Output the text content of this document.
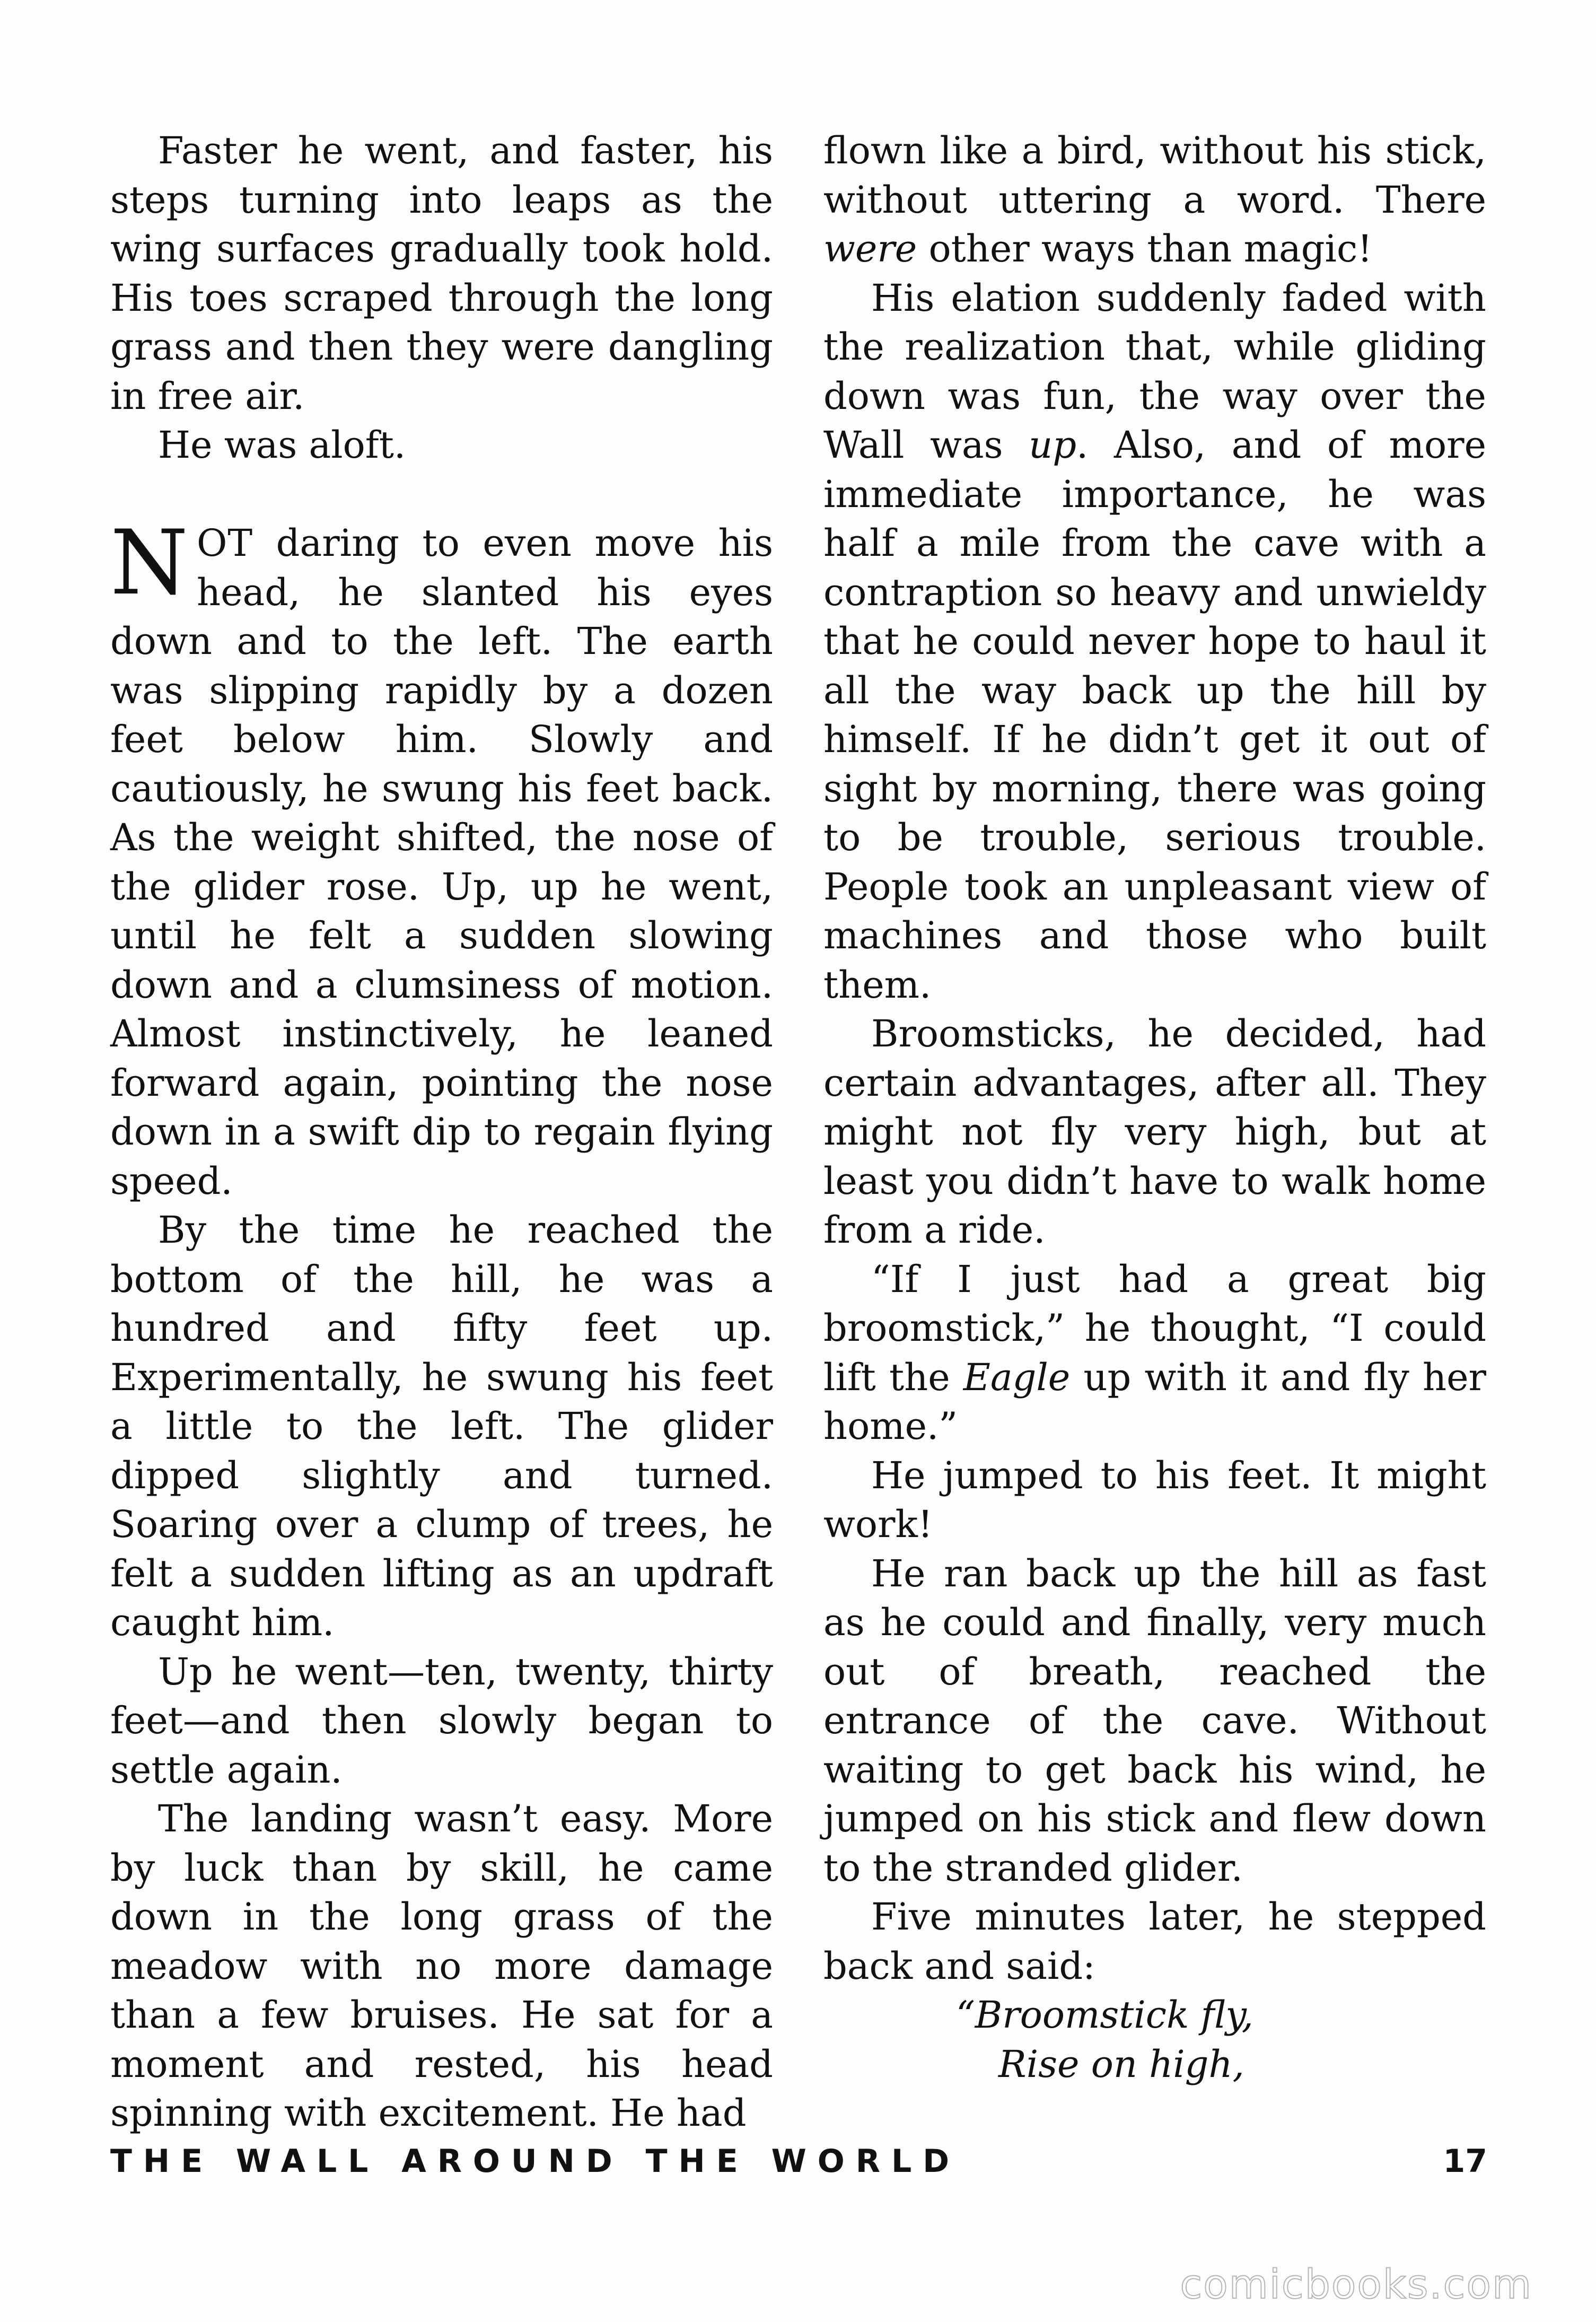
Faster he went, and faster, his steps turning into leaps as the wing surfaces gradually took hold. His toes scraped through the long grass and then they were dangling in free air.

He was aloft.

NOT daring to even move his head, he slanted his eyes down and to the left. The earth was slipping rapidly by a dozen feet below him. Slowly and cautiously, he swung his feet back. As the weight shifted, the nose of the glider rose. Up, up he went, until he felt a sudden slowing down and a clumsiness of motion. Almost instinctively, he leaned forward again, pointing the nose down in a swift dip to regain flying speed.

By the time he reached the bottom of the hill, he was a hundred and fifty feet up. Experimentally, he swung his feet a little to the left. The glider dipped slightly and turned. Soaring over a clump of trees, he felt a sudden lifting as an updraft caught him.

Up he went—ten, twenty, thirty feet—and then slowly began to settle again.

The landing wasn’t easy. More by luck than by skill, he came down in the long grass of the meadow with no more damage than a few bruises. He sat for a moment and rested, his head spinning with excitement. He had

flown like a bird, without his stick, without uttering a word. There were other ways than magic!

His elation suddenly faded with the realization that, while gliding down was fun, the way over the Wall was up. Also, and of more immediate importance, he was half a mile from the cave with a contraption so heavy and unwieldy that he could never hope to haul it all the way back up the hill by himself. If he didn’t get it out of sight by morning, there was going to be trouble, serious trouble. People took an unpleasant view of machines and those who built them.

Broomsticks, he decided, had certain advantages, after all. They might not fly very high, but at least you didn’t have to walk home from a ride.

“If I just had a great big broomstick,” he thought, “I could lift the Eagle up with it and fly her home.”

He jumped to his feet. It might work!

He ran back up the hill as fast as he could and finally, very much out of breath, reached the entrance of the cave. Without waiting to get back his wind, he jumped on his stick and flew down to the stranded glider.

Five minutes later, he stepped back and said:

“Broomstick fly,

Rise on high,

THE WALL AROUND THE WORLD	17
comicbooks.com
